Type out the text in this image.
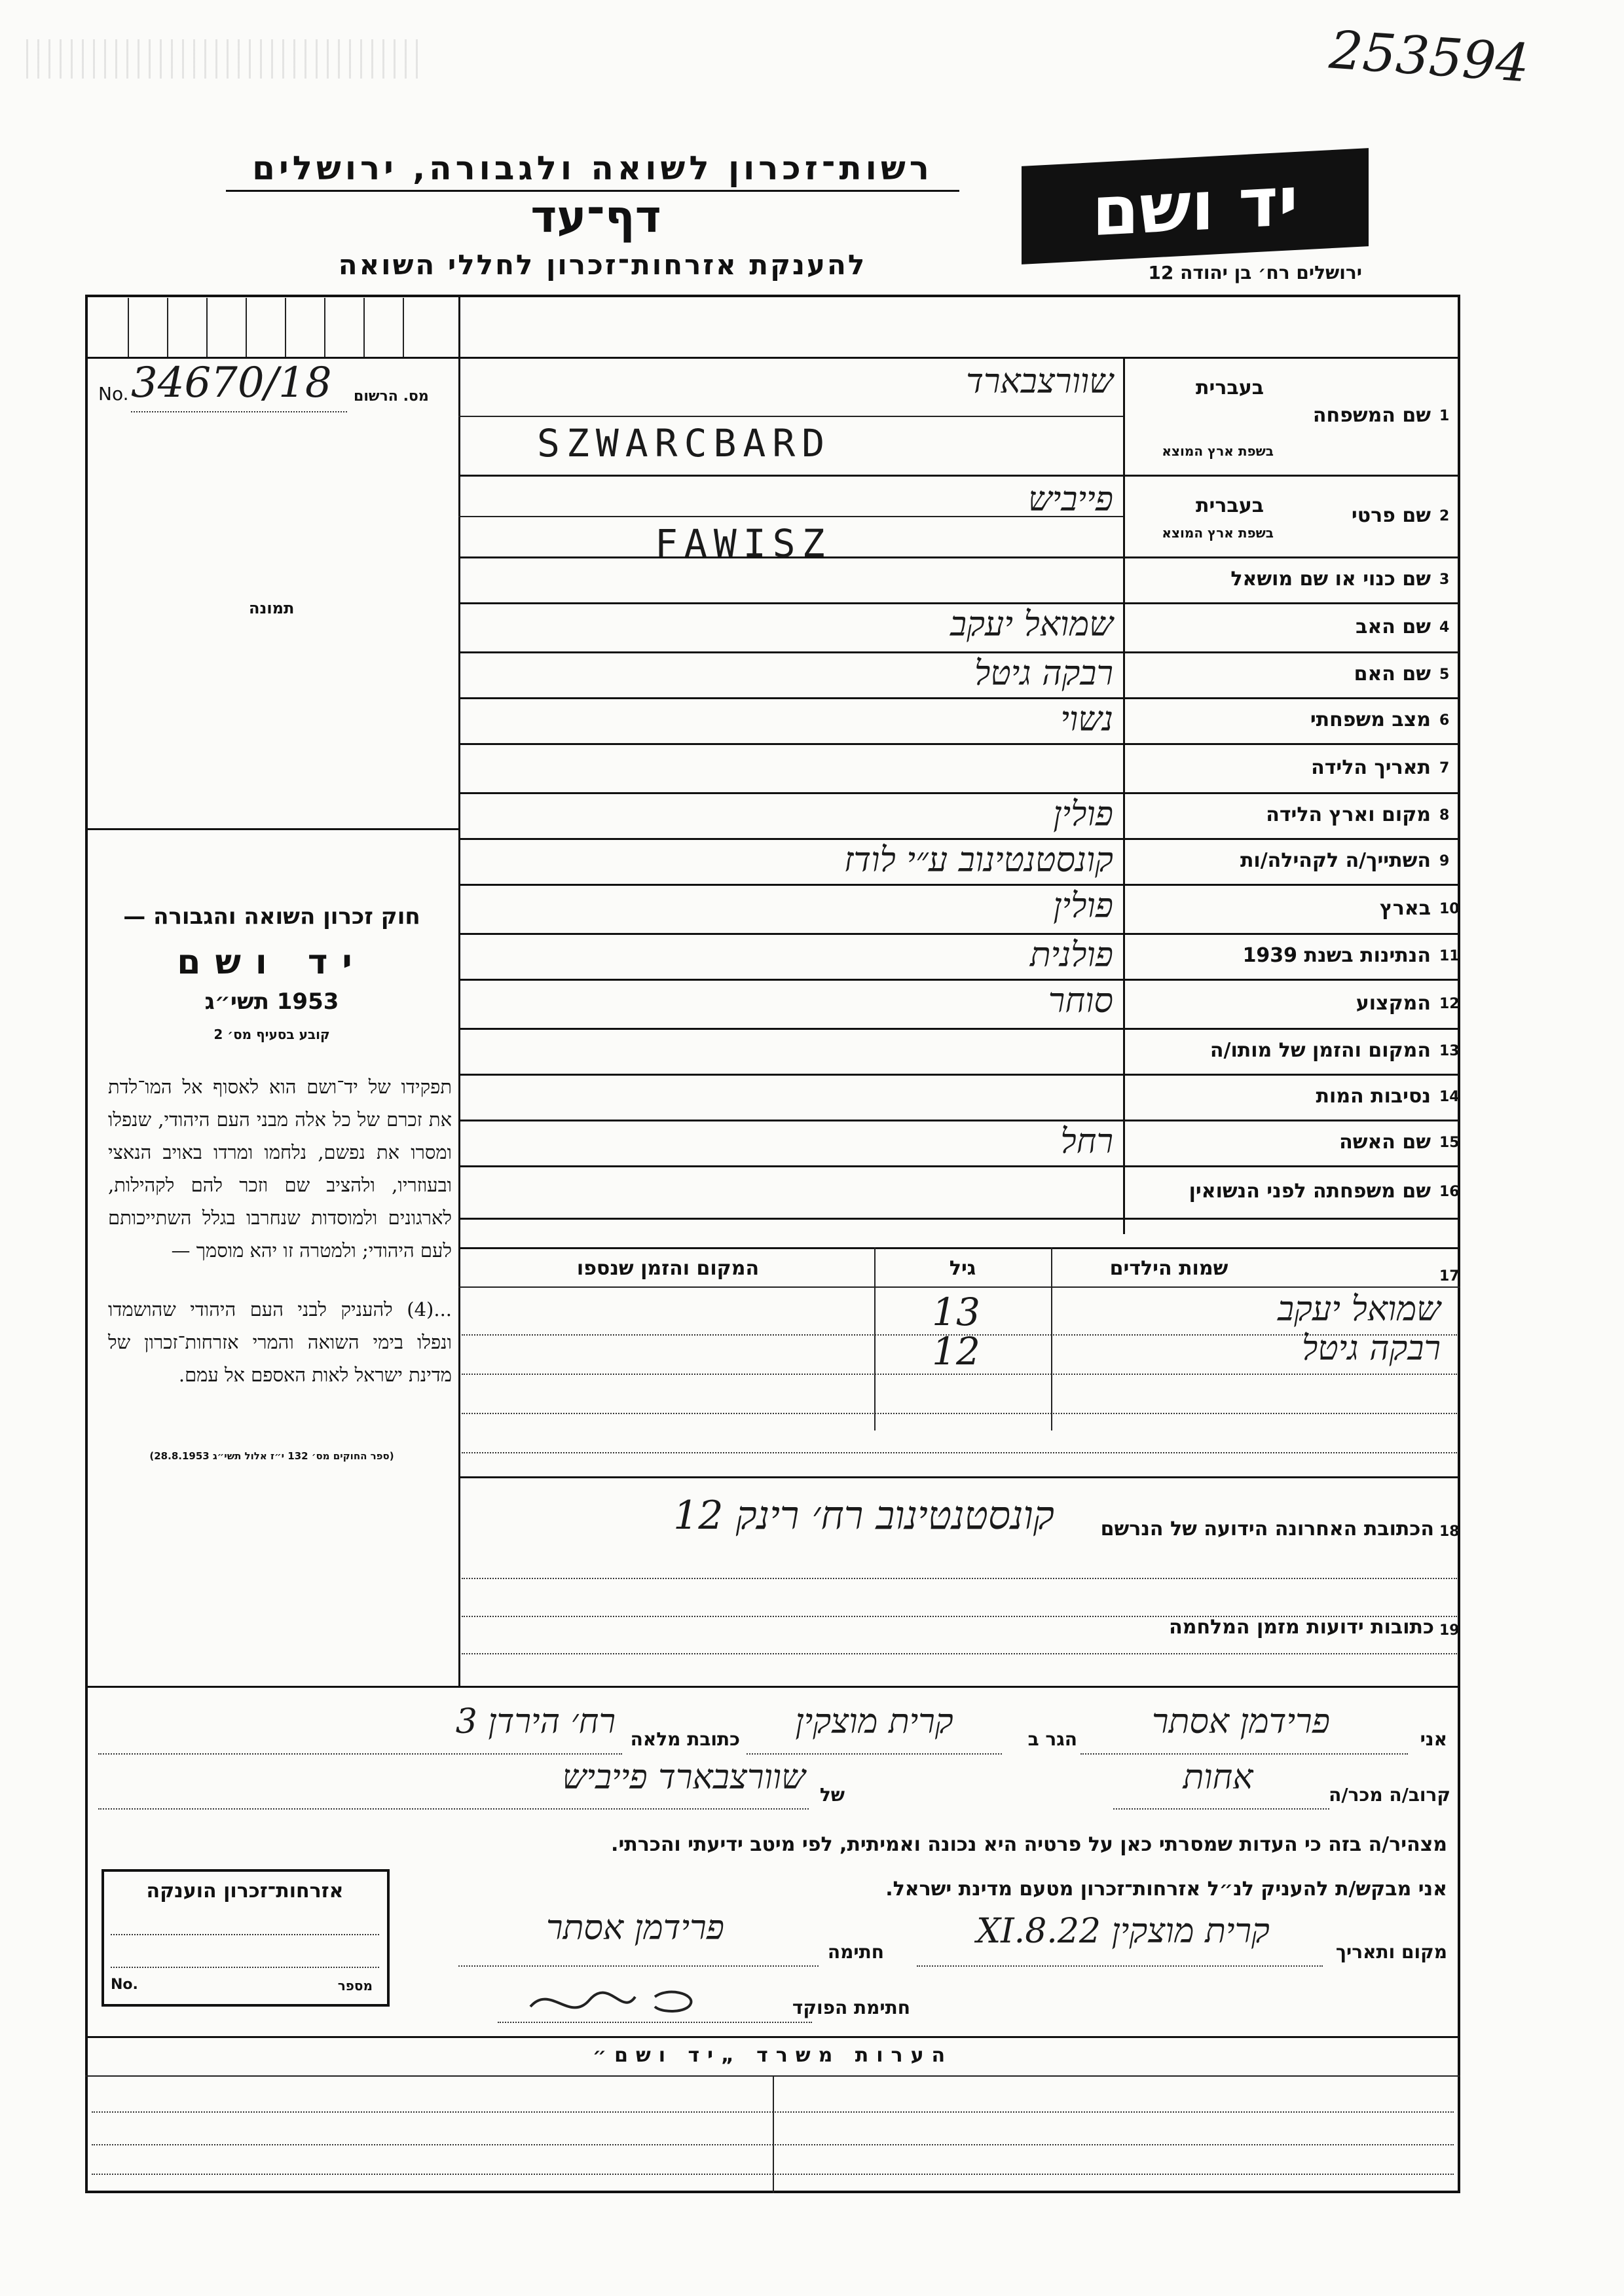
253594
רשות־זכרון לשואה ולגבורה, ירושלים
דף־עד
להענקת אזרחות־זכרון לחללי השואה
יד ושם
ירושלים רח׳ בן יהודה 12
No. 34670/18 מס. הרשום
תמונה
חוק זכרון השואה והגבורה —
יד ושם
1953 תשי״ג
קובע בסעיף מס׳ 2
תפקידו של יד־ושם הוא לאסוף אל המו־לדת את זכרם של כל אלה מבני העם היהודי, שנפלו ומסרו את נפשם, נלחמו ומרדו באויב הנאצי ובעוזריו, ולהציב שם וזכר להם לקהילות, לארגונים ולמוסדות שנחרבו בגלל השתייכותם לעם היהודי; ולמטרה זו יהא מוסמך —
...(4) להעניק לבני העם היהודי שהושמדו ונפלו בימי השואה והמרי אזרחות־זכרון של מדינת ישראל לאות האספם אל עמם.
(ספר החוקים מס׳ 132 י״ז אלול תשי״ג 28.8.1953)
1
שם המשפחה
בעברית
בשפת ארץ המוצא
שוורצבארד
SZWARCBARD
2
שם פרטי
בעברית
בשפת ארץ המוצא
פייביש
FAWISZ
3
שם כנוי או שם מושאל
4
שם האב
שמואל יעקב
5
שם האם
רבקה גיטל
6
מצב משפחתי
נשוי
7
תאריך הלידה
8
מקום וארץ הלידה
פולין
9
השתייך/ה לקהילה/ות
קונסטנטינוב ע״י לודז
10
בארץ
פולין
11
הנתינות בשנת 1939
פולנית
12
המקצוע
סוחר
13
המקום והזמן של מותו/ה
14
נסיבות המות
15
שם האשה
רחל
16
שם משפחתה לפני הנשואין
17
שמות הילדים
גיל
המקום והזמן שנספו
שמואל יעקב
13
רבקה גיטל
12
18
הכתובת האחרונה הידועה של הנרשם
קונסטנטינוב רח׳ רינק 12
19
כתובות ידועות מזמן המלחמה
אני
פרידמן אסתר
הגר ב
קרית מוצקין
כתובת מלאה
רח׳ הירדן 3
קרוב/ה מכר/ה
אחות
של
שוורצבארד פייביש
מצהיר/ה בזה כי העדות שמסרתי כאן על פרטיה היא נכונה ואמיתית, לפי מיטב ידיעתי והכרתי.
אני מבקש/ת להעניק לנ״ל אזרחות־זכרון מטעם מדינת ישראל.
מקום ותאריך
קרית מוצקין 22.XI.8
חתימה
פרידמן אסתר
חתימת הפוקד
אזרחות־זכרון הוענקה
No.	מספר
הערות משרד „יד ושם״
